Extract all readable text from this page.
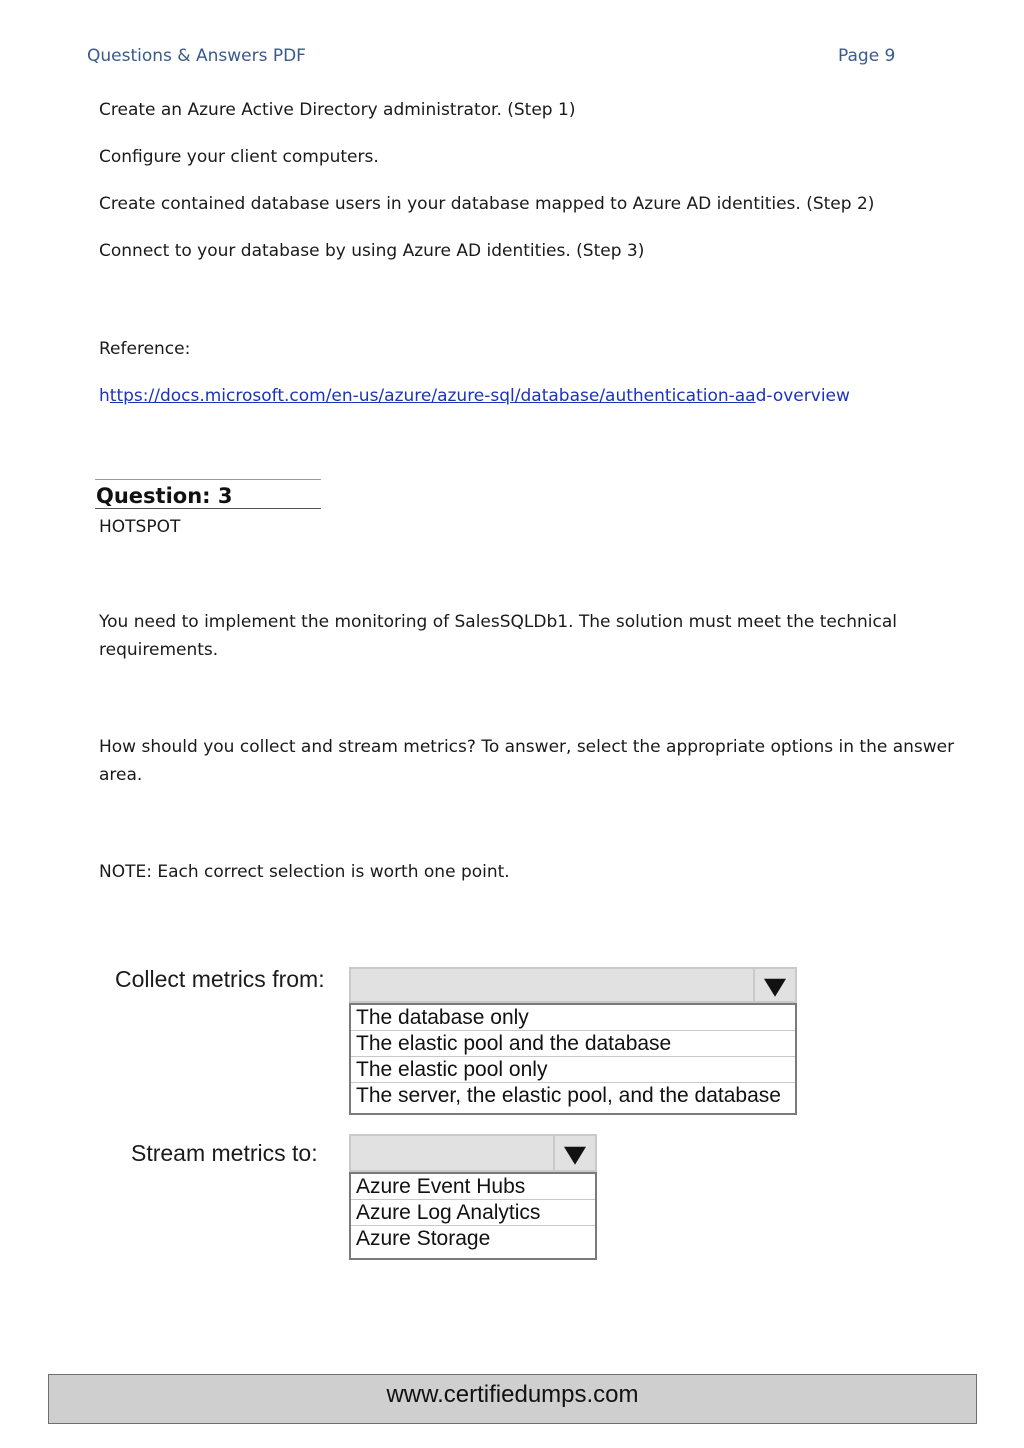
Questions & Answers PDF	Page 9
Create an Azure Active Directory administrator. (Step 1)
Configure your client computers.
Create contained database users in your database mapped to Azure AD identities. (Step 2)
Connect to your database by using Azure AD identities. (Step 3)
Reference:
https://docs.microsoft.com/en-us/azure/azure-sql/database/authentication-aad-overview
Question: 3
HOTSPOT
You need to implement the monitoring of SalesSQLDb1. The solution must meet the technical requirements.
How should you collect and stream metrics? To answer, select the appropriate options in the answer area.
NOTE: Each correct selection is worth one point.
Collect metrics from:
The database only
The elastic pool and the database
The elastic pool only
The server, the elastic pool, and the database
Stream metrics to:
Azure Event Hubs
Azure Log Analytics
Azure Storage
www.certifiedumps.com
